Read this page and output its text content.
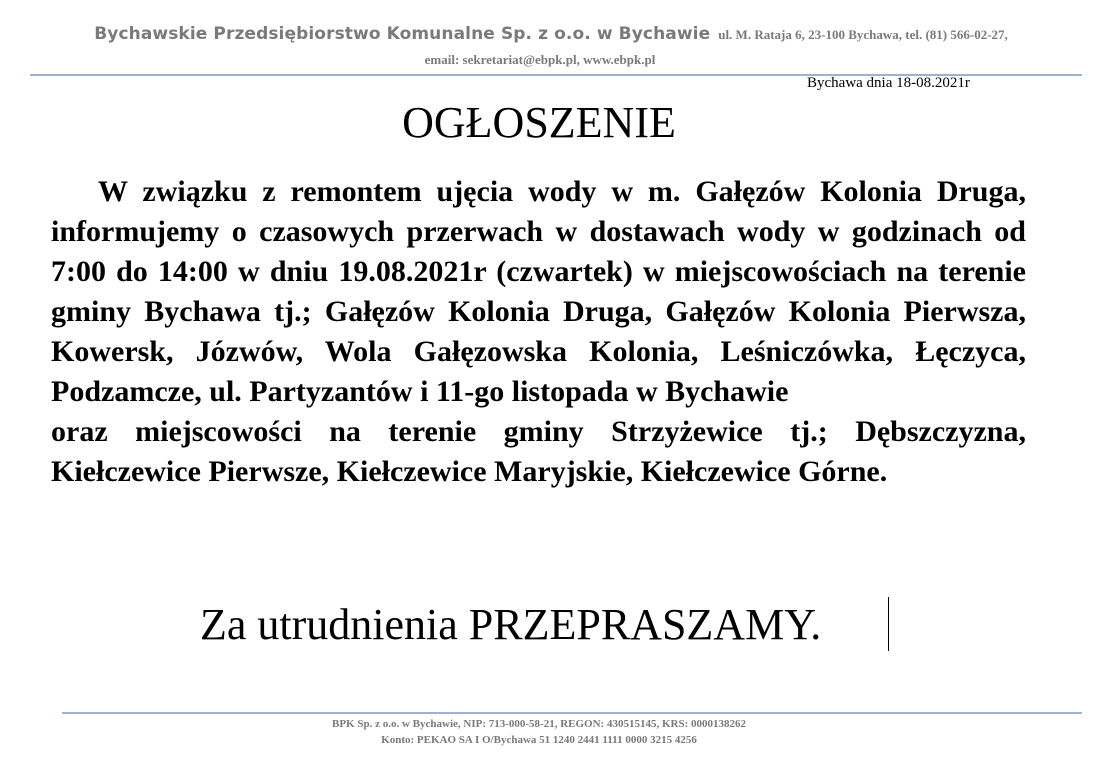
Bychawskie Przedsiębiorstwo Komunalne Sp. z o.o. w Bychawie ul. M. Rataja 6, 23-100 Bychawa, tel. (81) 566-02-27,
email: sekretariat@ebpk.pl, www.ebpk.pl
Bychawa dnia 18-08.2021r
OGŁOSZENIE

W związku z remontem ujęcia wody w m. Gałęzów Kolonia Druga, informujemy o czasowych przerwach w dostawach wody w godzinach od 7:00 do 14:00 w dniu 19.08.2021r (czwartek) w miejscowościach na terenie gminy Bychawa tj.; Gałęzów Kolonia Druga, Gałęzów Kolonia Pierwsza, Kowersk, Józwów, Wola Gałęzowska Kolonia, Leśniczówka, Łęczyca, Podzamcze, ul. Partyzantów i 11-go listopada w Bychawie

oraz miejscowości na terenie gminy Strzyżewice tj.; Dębszczyzna, Kiełczewice Pierwsze, Kiełczewice Maryjskie, Kiełczewice Górne.

Za utrudnienia PRZEPRASZAMY.
BPK Sp. z o.o. w Bychawie, NIP: 713-000-58-21, REGON: 430515145, KRS: 0000138262
Konto: PEKAO SA I O/Bychawa 51 1240 2441 1111 0000 3215 4256
